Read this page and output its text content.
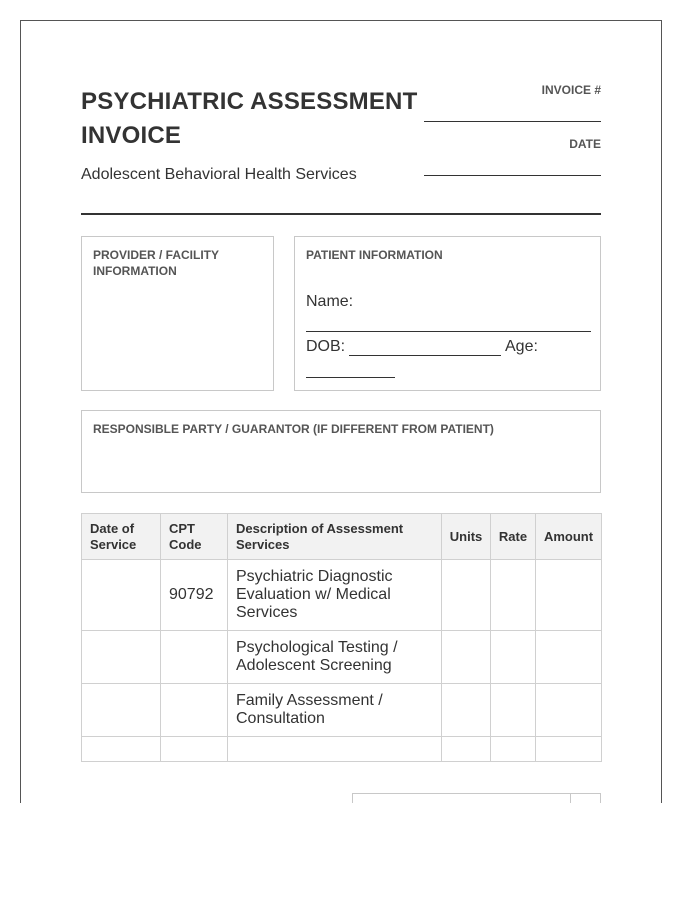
PSYCHIATRIC ASSESSMENT INVOICE
Adolescent Behavioral Health Services
INVOICE #
DATE
PROVIDER / FACILITY INFORMATION
PATIENT INFORMATION
Name:
DOB:	Age:
RESPONSIBLE PARTY / GUARANTOR (IF DIFFERENT FROM PATIENT)
Date of Service	CPT Code	Description of Assessment Services	Units	Rate	Amount
	90792	Psychiatric Diagnostic Evaluation w/ Medical Services			
		Psychological Testing / Adolescent Screening			
		Family Assessment / Consultation			
